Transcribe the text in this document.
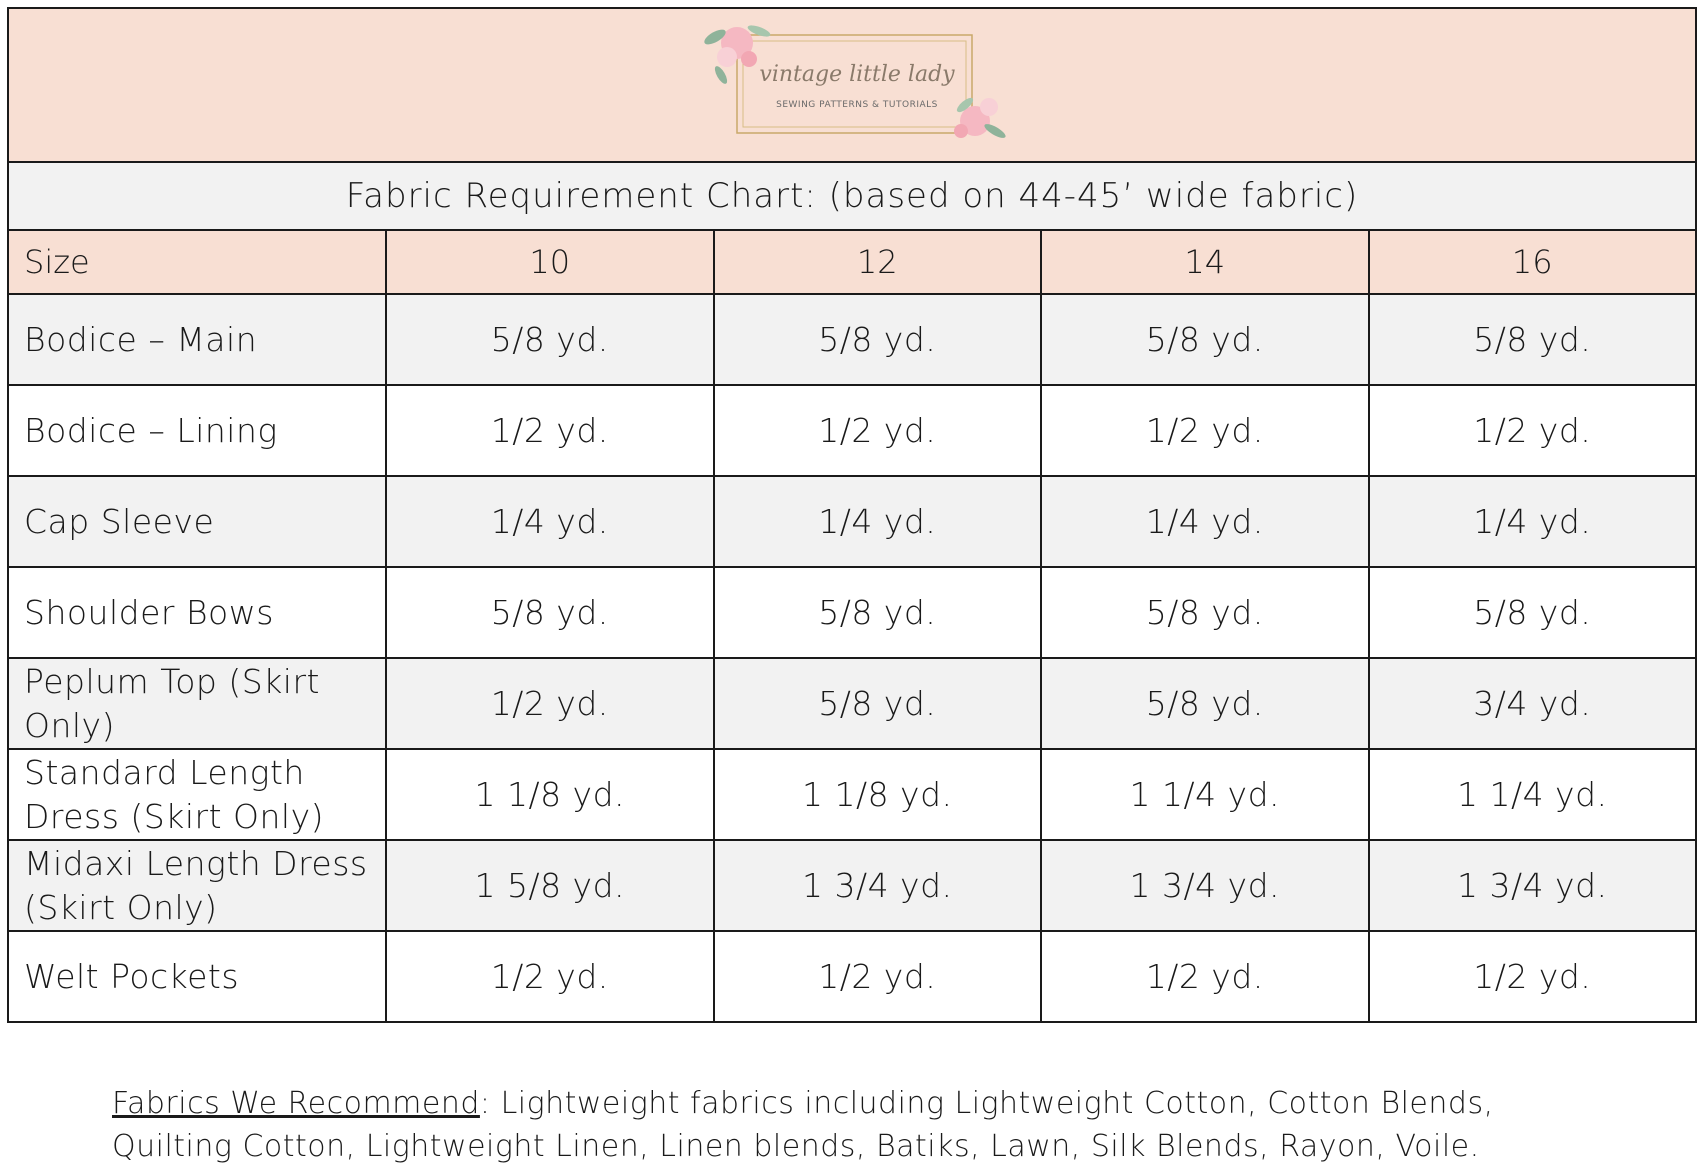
vintage little lady
SEWING PATTERNS & TUTORIALS				

Fabric Requirement Chart: (based on 44-45’ wide fabric)				
Size	10	12	14	16
Bodice – Main	5/8 yd.	5/8 yd.	5/8 yd.	5/8 yd.
Bodice – Lining	1/2 yd.	1/2 yd.	1/2 yd.	1/2 yd.
Cap Sleeve	1/4 yd.	1/4 yd.	1/4 yd.	1/4 yd.
Shoulder Bows	5/8 yd.	5/8 yd.	5/8 yd.	5/8 yd.
Peplum Top (Skirt Only)	1/2 yd.	5/8 yd.	5/8 yd.	3/4 yd.
Standard Length Dress (Skirt Only)	1 1/8 yd.	1 1/8 yd.	1 1/4 yd.	1 1/4 yd.
Midaxi Length Dress (Skirt Only)	1 5/8 yd.	1 3/4 yd.	1 3/4 yd.	1 3/4 yd.
Welt Pockets	1/2 yd.	1/2 yd.	1/2 yd.	1/2 yd.
Fabrics We Recommend: Lightweight fabrics including Lightweight Cotton, Cotton Blends, Quilting Cotton, Lightweight Linen, Linen blends, Batiks, Lawn, Silk Blends, Rayon, Voile.
